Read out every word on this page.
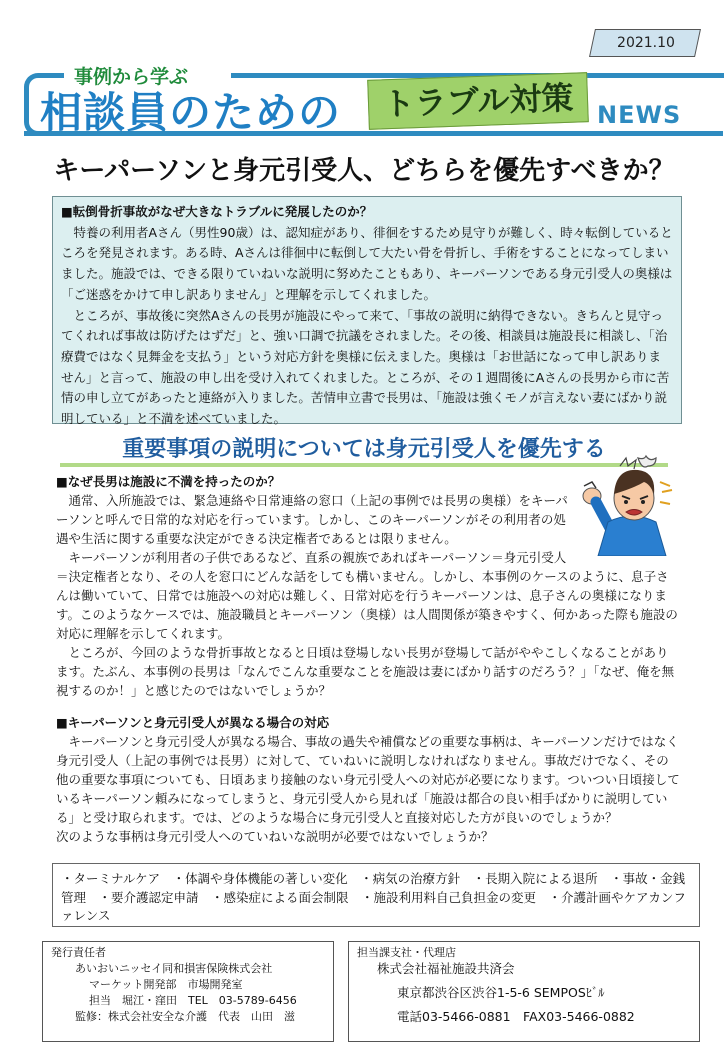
2021.10
事例から学ぶ
相談員のための	トラブル対策 NEWS
キーパーソンと身元引受人、どちらを優先すべきか？

■転倒骨折事故がなぜ大きなトラブルに発展したのか？

　特養の利用者Aさん（男性90歳）は、認知症があり、徘徊をするため見守りが難しく、時々転倒しているところを発見されます。ある時、Aさんは徘徊中に転倒して大たい骨を骨折し、手術をすることになってしまいました。施設では、できる限りていねいな説明に努めたこともあり、キーパーソンである身元引受人の奥様は「ご迷惑をかけて申し訳ありません」と理解を示してくれました。

　ところが、事故後に突然Aさんの長男が施設にやって来て、「事故の説明に納得できない。きちんと見守ってくれれば事故は防げたはずだ」と、強い口調で抗議をされました。その後、相談員は施設長に相談し、「治療費ではなく見舞金を支払う」という対応方針を奥様に伝えました。奥様は「お世話になって申し訳ありません」と言って、施設の申し出を受け入れてくれました。ところが、その１週間後にAさんの長男から市に苦情の申し立てがあったと連絡が入りました。苦情申立書で長男は、「施設は強くモノが言えない妻にばかり説明している」と不満を述べていました。

重要事項の説明については身元引受人を優先する

■なぜ長男は施設に不満を持ったのか？

　通常、入所施設では、緊急連絡や日常連絡の窓口（上記の事例では長男の奥様）をキーパーソンと呼んで日常的な対応を行っています。しかし、このキーパーソンがその利用者の処遇や生活に関する重要な決定ができる決定権者であるとは限りません。

　キーパーソンが利用者の子供であるなど、直系の親族であればキーパーソン＝身元引受人＝決定権者となり、その人を窓口にどんな話をしても構いません。しかし、本事例のケースのように、息子さんは働いていて、日常では施設への対応は難しく、日常対応を行うキーパーソンは、息子さんの奥様になります。このようなケースでは、施設職員とキーパーソン（奥様）は人間関係が築きやすく、何かあった際も施設の対応に理解を示してくれます。

　ところが、今回のような骨折事故となると日頃は登場しない長男が登場して話がややこしくなることがあります。たぶん、本事例の長男は「なんでこんな重要なことを施設は妻にばかり話すのだろう？」「なぜ、俺を無視するのか！」と感じたのではないでしょうか？

■キーパーソンと身元引受人が異なる場合の対応

　キーパーソンと身元引受人が異なる場合、事故の過失や補償などの重要な事柄は、キーパーソンだけではなく身元引受人（上記の事例では長男）に対して、ていねいに説明しなければなりません。事故だけでなく、その他の重要な事項についても、日頃あまり接触のない身元引受人への対応が必要になります。ついつい日頃接しているキーパーソン頼みになってしまうと、身元引受人から見れば「施設は都合の良い相手ばかりに説明している」と受け取られます。では、どのような場合に身元引受人と直接対応した方が良いのでしょうか？

次のような事柄は身元引受人へのていねいな説明が必要ではないでしょうか？

・ターミナルケア　・体調や身体機能の著しい変化　・病気の治療方針　・長期入院による退所　・事故・金銭管理　・要介護認定申請　・感染症による面会制限　・施設利用料自己負担金の変更　・介護計画やケアカンファレンス
発行責任者
あいおいニッセイ同和損害保険株式会社
マーケット開発部　市場開発室
担当　堀江・窪田　TEL　03-5789-6456
監修：株式会社安全な介護　代表　山田　滋
担当課支社・代理店
株式会社福祉施設共済会
東京都渋谷区渋谷1-5-6 SEMPOSﾋﾞﾙ
電話03-5466-0881　FAX03-5466-0882
